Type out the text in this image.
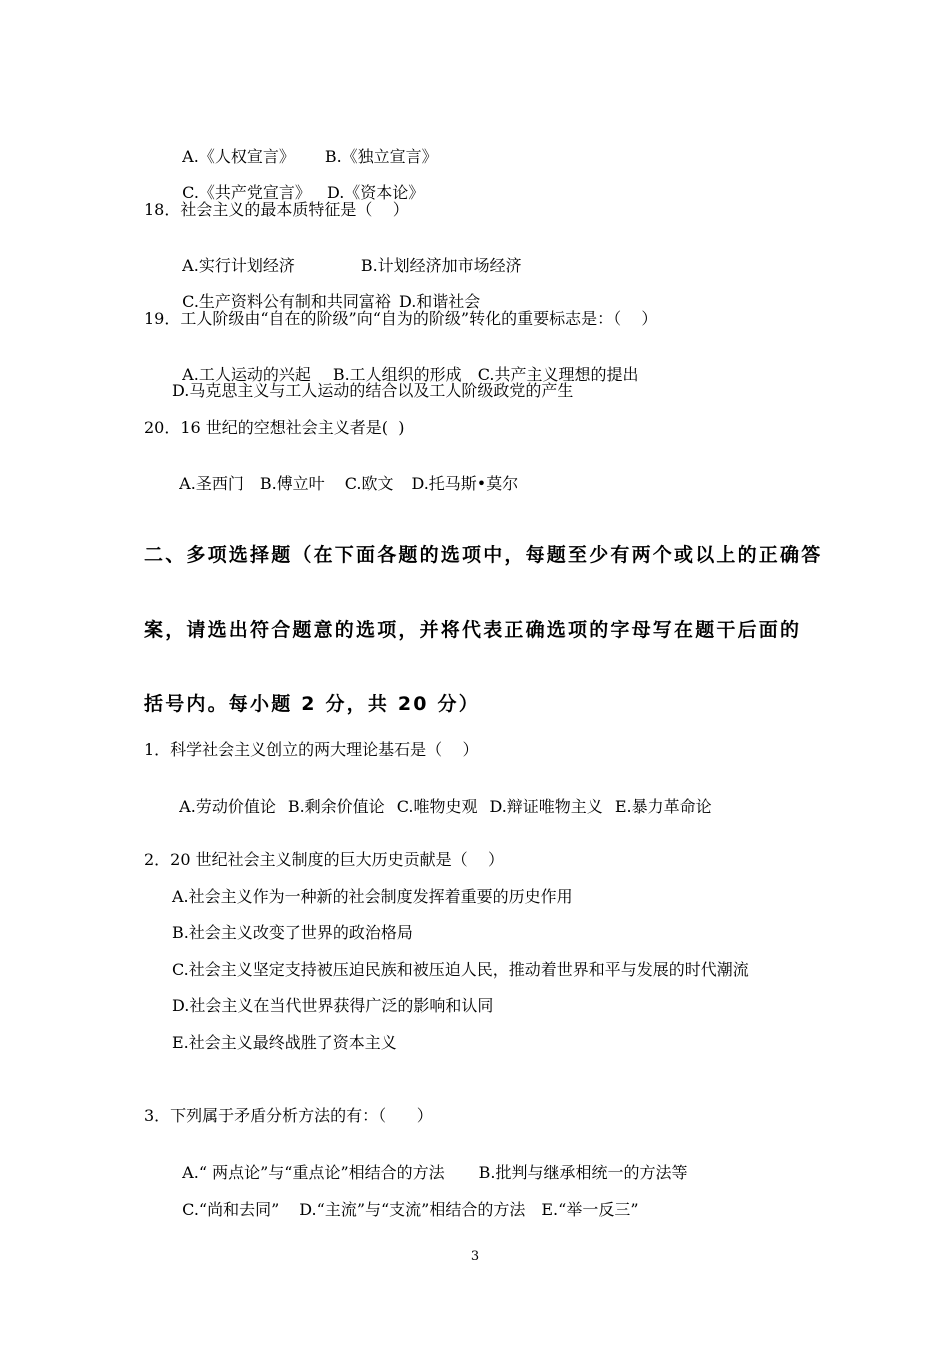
A.《人权宣言》 B.《独立宣言》

C.《共产党宣言》 D.《资本论》

18．社会主义的最本质特征是（    ）

A.实行计划经济	B.计划经济加市场经济

C.生产资料公有制和共同富裕 D.和谐社会

19．工人阶级由“自在的阶级”向“自为的阶级”转化的重要标志是：（    ）

A.工人运动的兴起 B.工人组织的形成 C.共产主义理想的提出

D.马克思主义与工人运动的结合以及工人阶级政党的产生
20．16 世纪的空想社会主义者是(  )

A.圣西门 B.傅立叶 C.欧文 D.托马斯•莫尔

二、多项选择题（在下面各题的选项中，每题至少有两个或以上的正确答
案，请选出符合题意的选项，并将代表正确选项的字母写在题干后面的
括号内。每小题 2 分，共 20 分）
1．科学社会主义创立的两大理论基石是（    ）

A.劳动价值论 B.剩余价值论 C.唯物史观 D.辩证唯物主义 E.暴力革命论

2．20 世纪社会主义制度的巨大历史贡献是（    ）
A.社会主义作为一种新的社会制度发挥着重要的历史作用
B.社会主义改变了世界的政治格局
C.社会主义坚定支持被压迫民族和被压迫人民，推动着世界和平与发展的时代潮流
D.社会主义在当代世界获得广泛的影响和认同
E.社会主义最终战胜了资本主义
3．下列属于矛盾分析方法的有：（      ）

A.“ 两点论”与“重点论”相结合的方法 B.批判与继承相统一的方法等

C.“尚和去同” D.“主流”与“支流”相结合的方法 E.“举一反三”

3
